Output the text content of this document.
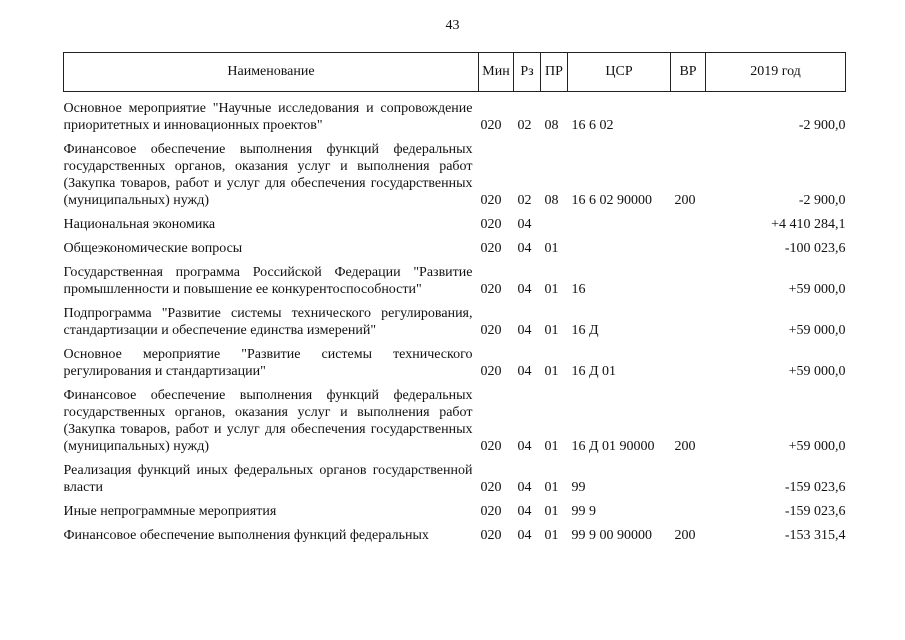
43
Наименование	Мин	Рз	ПР	ЦСР	ВР	2019 год
Основное мероприятие "Научные исследования и сопровождение приоритетных и инновационных проектов"	020	02	08	16 6 02		-2 900,0
Финансовое обеспечение выполнения функций федеральных государственных органов, оказания услуг и выполнения работ (Закупка товаров, работ и услуг для обеспечения государственных (муниципальных) нужд)	020	02	08	16 6 02 90000	200	-2 900,0
Национальная экономика	020	04				+4 410 284,1
Общеэкономические вопросы	020	04	01			-100 023,6
Государственная программа Российской Федерации "Развитие промышленности и повышение ее конкурентоспособности"	020	04	01	16		+59 000,0
Подпрограмма "Развитие системы технического регулирования, стандартизации и обеспечение единства измерений"	020	04	01	16 Д		+59 000,0
Основное мероприятие "Развитие системы технического регулирования и стандартизации"	020	04	01	16 Д 01		+59 000,0
Финансовое обеспечение выполнения функций федеральных государственных органов, оказания услуг и выполнения работ (Закупка товаров, работ и услуг для обеспечения государственных (муниципальных) нужд)	020	04	01	16 Д 01 90000	200	+59 000,0
Реализация функций иных федеральных органов государственной власти	020	04	01	99		-159 023,6
Иные непрограммные мероприятия	020	04	01	99 9		-159 023,6
Финансовое обеспечение выполнения функций федеральных	020	04	01	99 9 00 90000	200	-153 315,4
